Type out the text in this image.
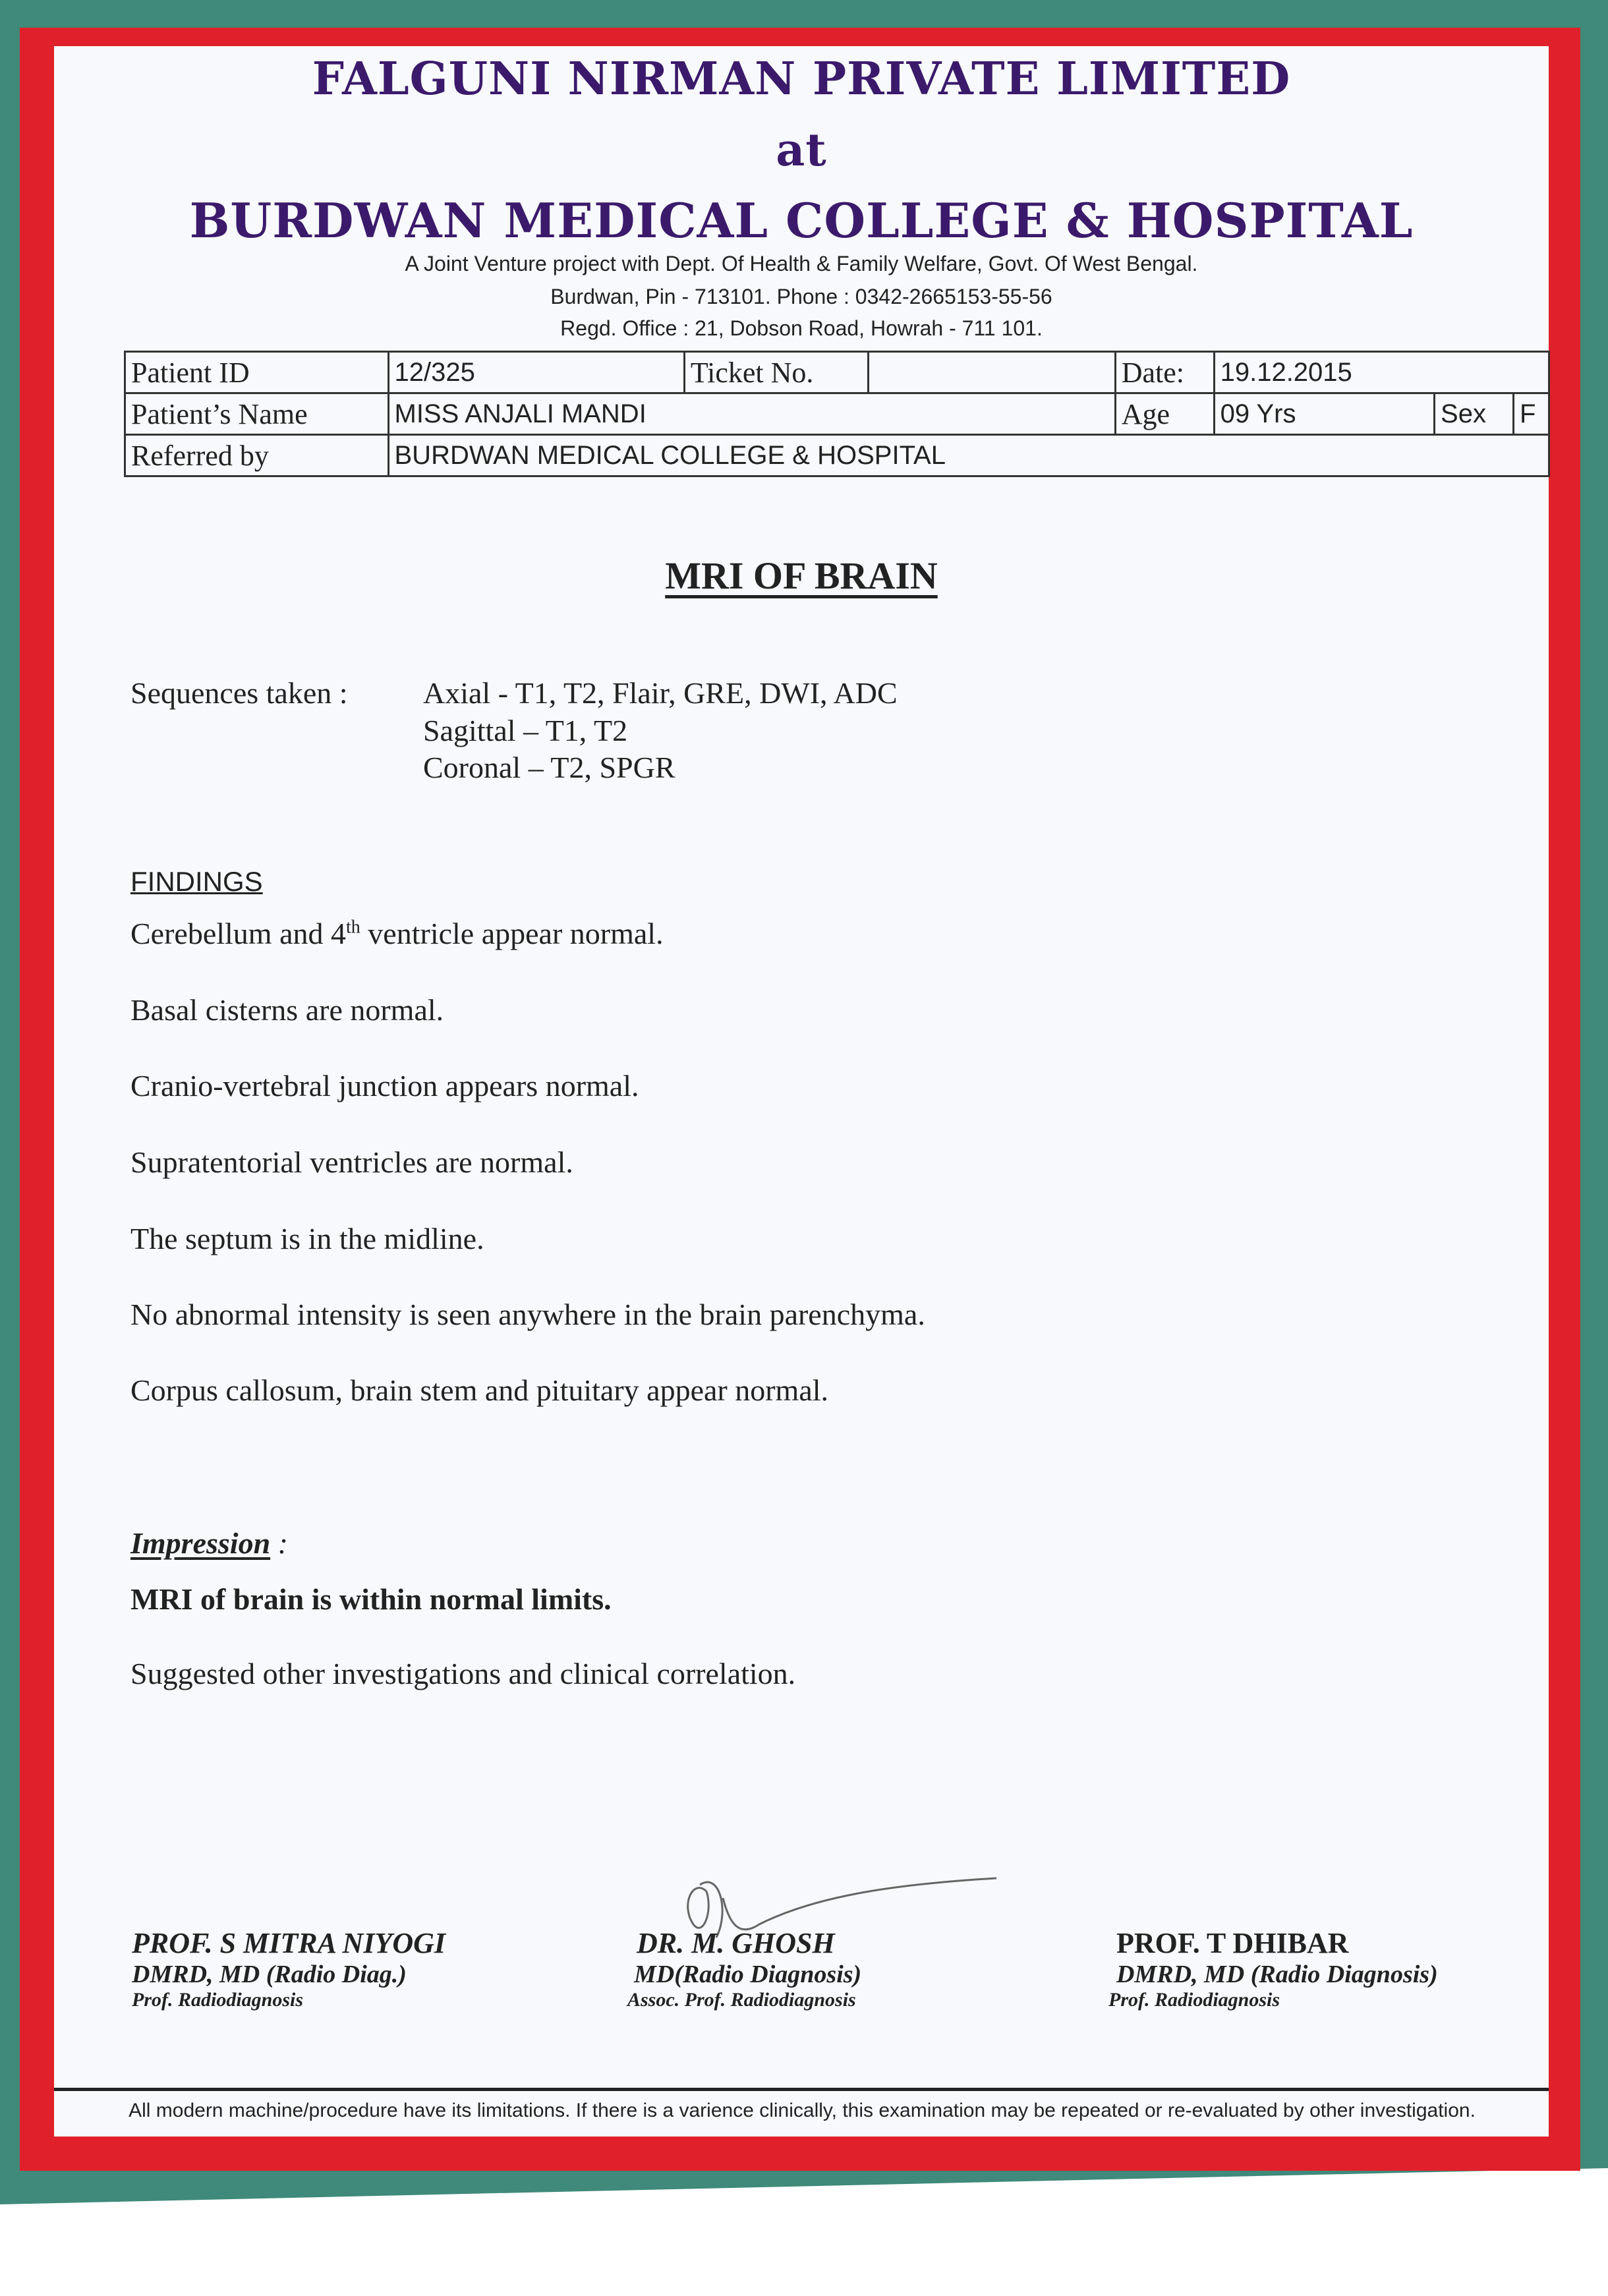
FALGUNI NIRMAN PRIVATE LIMITED
at
BURDWAN MEDICAL COLLEGE & HOSPITAL
A Joint Venture project with Dept. Of Health & Family Welfare, Govt. Of West Bengal.
Burdwan, Pin - 713101. Phone : 0342-2665153-55-56
Regd. Office : 21, Dobson Road, Howrah - 711 101.
Patient ID	12/325	Ticket No.		Date:	19.12.2015		
Patient’s Name	MISS ANJALI MANDI			Age	09 Yrs	Sex	F
Referred by	BURDWAN MEDICAL COLLEGE & HOSPITAL						
MRI OF BRAIN
Sequences taken : Axial - T1, T2, Flair, GRE, DWI, ADC
Sagittal – T1, T2
Coronal – T2, SPGR
FINDINGS
Cerebellum and 4th ventricle appear normal.
Basal cisterns are normal.
Cranio-vertebral junction appears normal.
Supratentorial ventricles are normal.
The septum is in the midline.
No abnormal intensity is seen anywhere in the brain parenchyma.
Corpus callosum, brain stem and pituitary appear normal.
Impression :
MRI of brain is within normal limits.
Suggested other investigations and clinical correlation.
PROF. S MITRA NIYOGI
DMRD, MD (Radio Diag.)
Prof. Radiodiagnosis
DR. M. GHOSH
MD(Radio Diagnosis)
Assoc. Prof. Radiodiagnosis
PROF. T DHIBAR
DMRD, MD (Radio Diagnosis)
Prof. Radiodiagnosis
All modern machine/procedure have its limitations. If there is a varience clinically, this examination may be repeated or re-evaluated by other investigation.
